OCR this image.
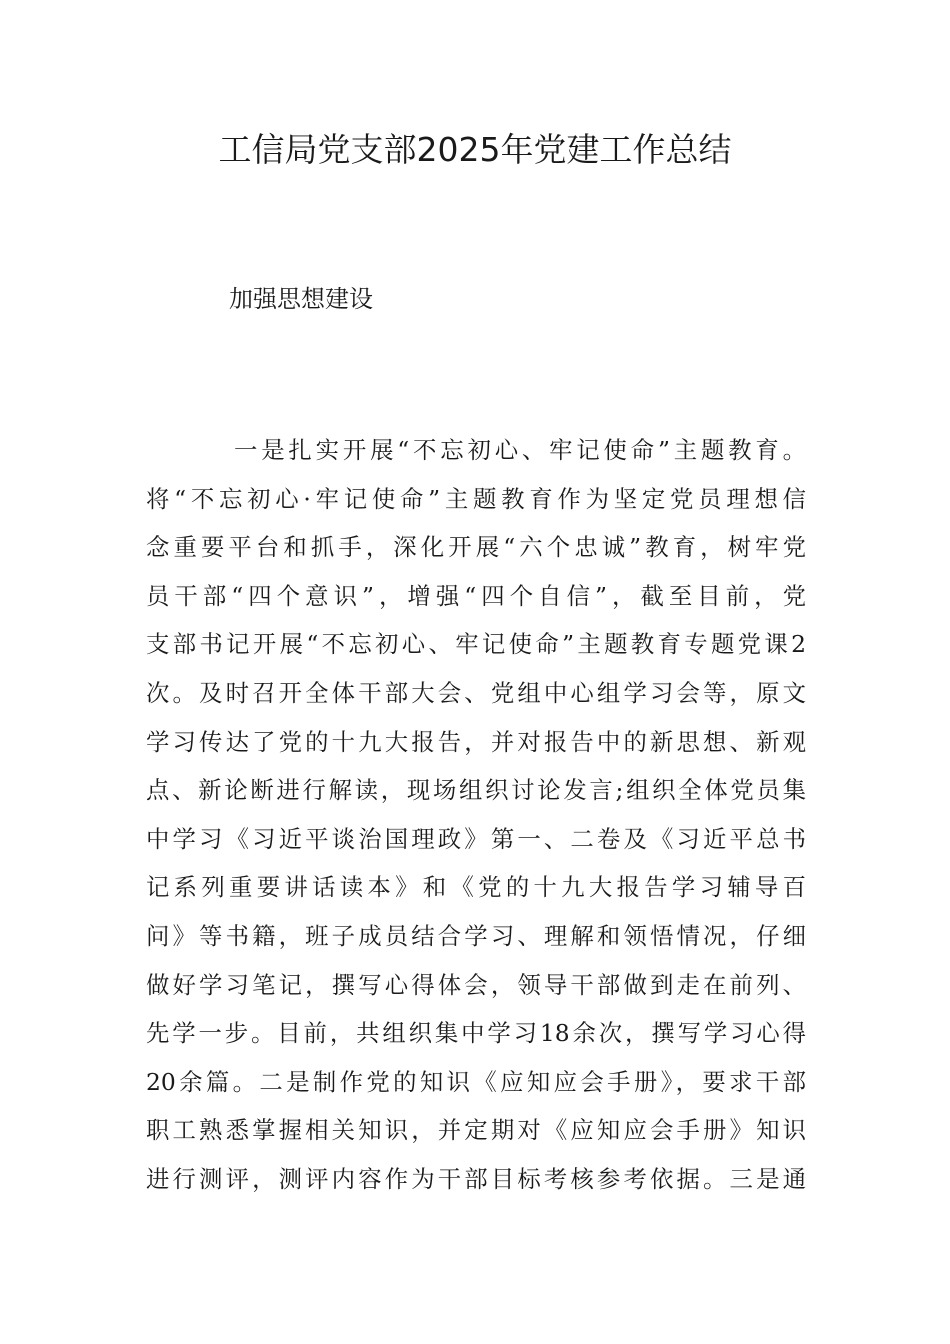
工信局党支部2025年党建工作总结
加强思想建设
一是扎实开展“不忘初心、牢记使命”主题教育。
将“不忘初心·牢记使命”主题教育作为坚定党员理想信
念重要平台和抓手，深化开展“六个忠诚”教育，树牢党
员干部“四个意识”，增强“四个自信”，截至目前，党
支部书记开展“不忘初心、牢记使命”主题教育专题党课2
次。及时召开全体干部大会、党组中心组学习会等，原文
学习传达了党的十九大报告，并对报告中的新思想、新观
点、新论断进行解读，现场组织讨论发言;组织全体党员集
中学习《习近平谈治国理政》第一、二卷及《习近平总书
记系列重要讲话读本》和《党的十九大报告学习辅导百
问》等书籍，班子成员结合学习、理解和领悟情况，仔细
做好学习笔记，撰写心得体会，领导干部做到走在前列、
先学一步。目前，共组织集中学习18余次，撰写学习心得
20余篇。二是制作党的知识《应知应会手册》，要求干部
职工熟悉掌握相关知识，并定期对《应知应会手册》知识
进行测评，测评内容作为干部目标考核参考依据。三是通
